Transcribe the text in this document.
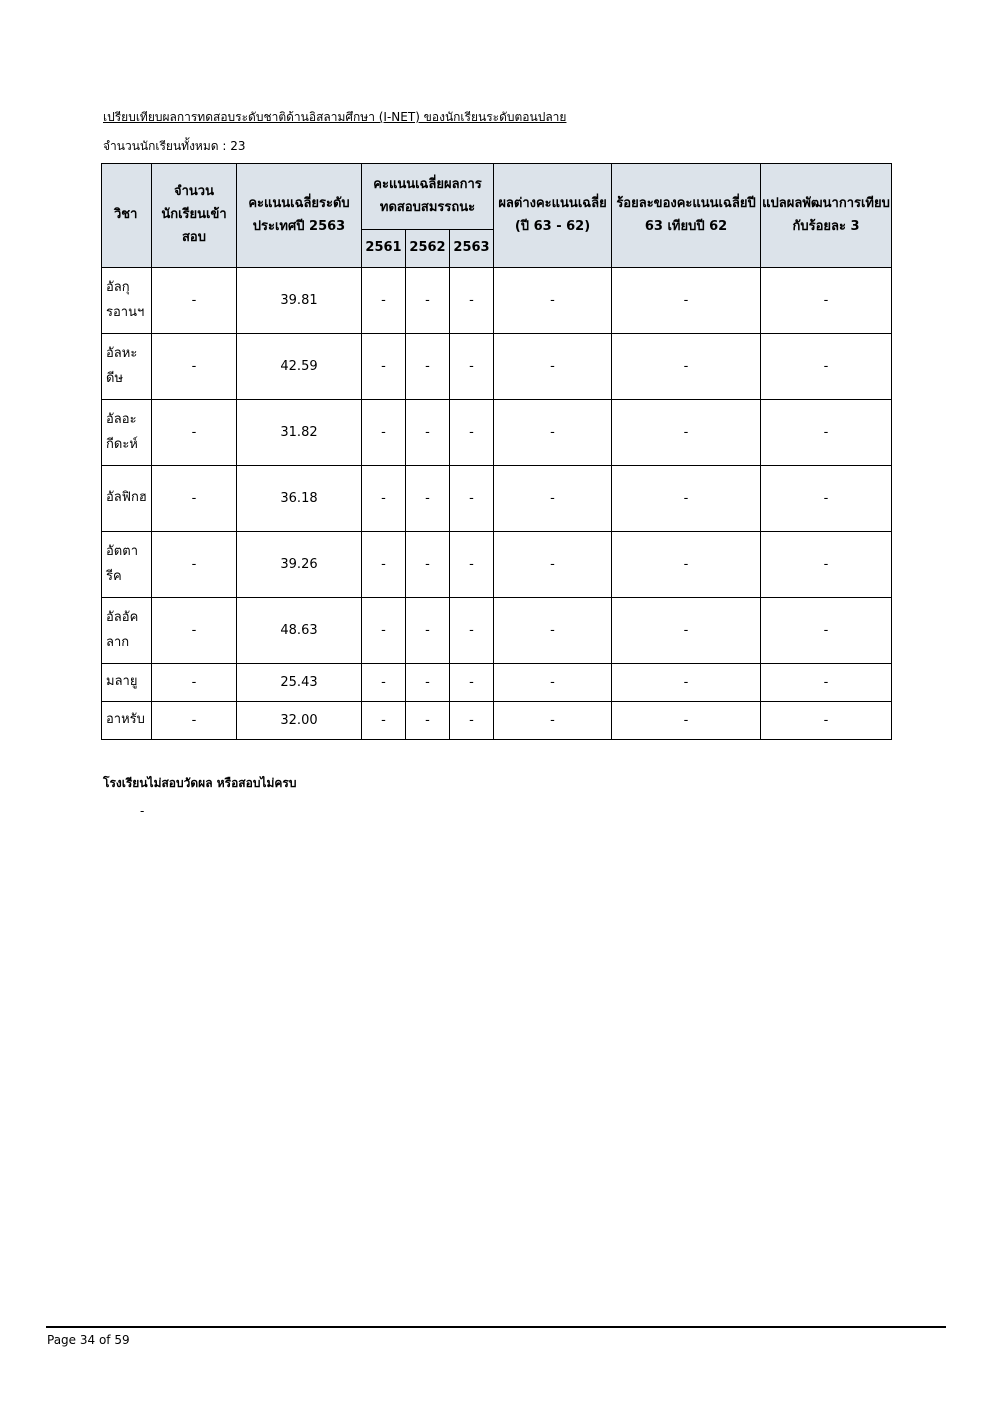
เปรียบเทียบผลการทดสอบระดับชาติด้านอิสลามศึกษา (I-NET) ของนักเรียนระดับตอนปลาย
จำนวนนักเรียนทั้งหมด : 23
วิชา	จำนวนนักเรียนเข้าสอบ	คะแนนเฉลี่ยระดับประเทศปี 2563	คะแนนเฉลี่ยผลการทดสอบสมรรถนะ			ผลต่างคะแนนเฉลี่ย (ปี 63 - 62)	ร้อยละของคะแนนเฉลี่ยปี 63 เทียบปี 62	แปลผลพัฒนาการเทียบกับร้อยละ 3
			2561	2562	2563			
อัลกุรอานฯ	-	39.81	-	-	-	-	-	-
อัลหะดีษ	-	42.59	-	-	-	-	-	-
อัลอะกีดะห์	-	31.82	-	-	-	-	-	-
อัลฟิกฮ	-	36.18	-	-	-	-	-	-
อัตตารีค	-	39.26	-	-	-	-	-	-
อัลอัคลาก	-	48.63	-	-	-	-	-	-
มลายู	-	25.43	-	-	-	-	-	-
อาหรับ	-	32.00	-	-	-	-	-	-
โรงเรียนไม่สอบวัดผล หรือสอบไม่ครบ
-
Page 34 of 59
